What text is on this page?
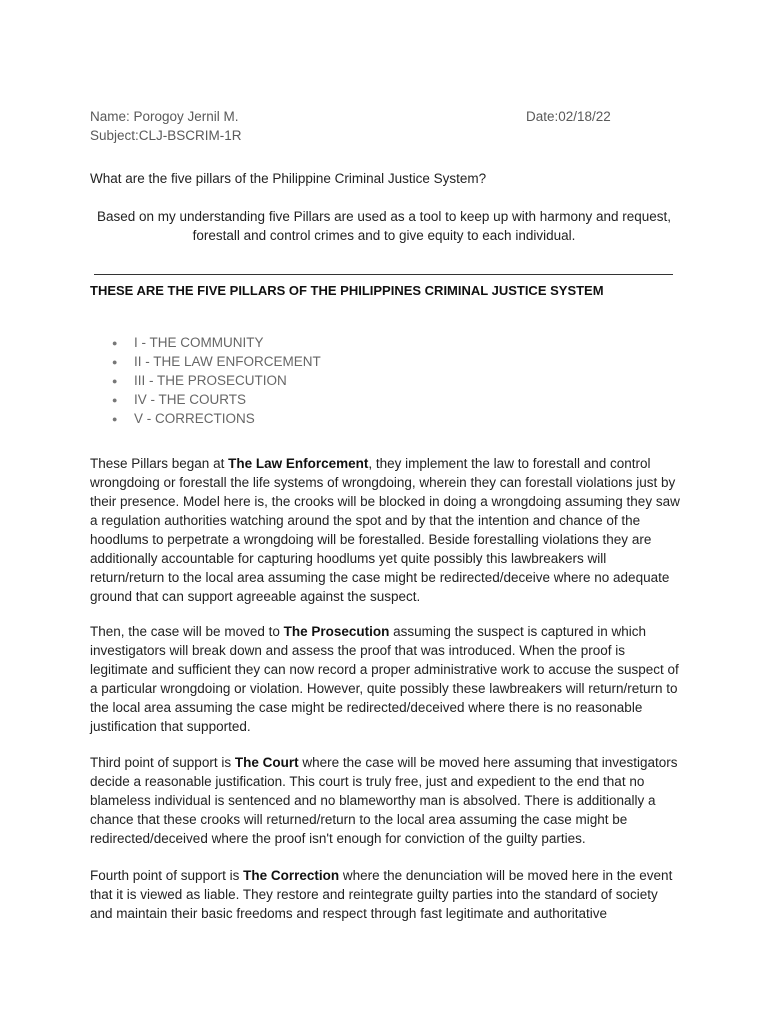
Name: Porogoy Jernil M.	Date:02/18/22
Subject:CLJ-BSCRIM-1R
What are the five pillars of the Philippine Criminal Justice System?
Based on my understanding five Pillars are used as a tool to keep up with harmony and request,
forestall and control crimes and to give equity to each individual.
THESE ARE THE FIVE PILLARS OF THE PHILIPPINES CRIMINAL JUSTICE SYSTEM
● I - THE COMMUNITY
● II - THE LAW ENFORCEMENT
● III - THE PROSECUTION
● IV - THE COURTS
● V - CORRECTIONS

These Pillars began at The Law Enforcement, they implement the law to forestall and control wrongdoing or forestall the life systems of wrongdoing, wherein they can forestall violations just by their presence. Model here is, the crooks will be blocked in doing a wrongdoing assuming they saw a regulation authorities watching around the spot and by that the intention and chance of the hoodlums to perpetrate a wrongdoing will be forestalled. Beside forestalling violations they are additionally accountable for capturing hoodlums yet quite possibly this lawbreakers will return/return to the local area assuming the case might be redirected/deceive where no adequate ground that can support agreeable against the suspect.

Then, the case will be moved to The Prosecution assuming the suspect is captured in which investigators will break down and assess the proof that was introduced. When the proof is legitimate and sufficient they can now record a proper administrative work to accuse the suspect of a particular wrongdoing or violation. However, quite possibly these lawbreakers will return/return to the local area assuming the case might be redirected/deceived where there is no reasonable justification that supported.

Third point of support is The Court where the case will be moved here assuming that investigators decide a reasonable justification. This court is truly free, just and expedient to the end that no blameless individual is sentenced and no blameworthy man is absolved. There is additionally a chance that these crooks will returned/return to the local area assuming the case might be redirected/deceived where the proof isn't enough for conviction of the guilty parties.

Fourth point of support is The Correction where the denunciation will be moved here in the event that it is viewed as liable. They restore and reintegrate guilty parties into the standard of society and maintain their basic freedoms and respect through fast legitimate and authoritative
